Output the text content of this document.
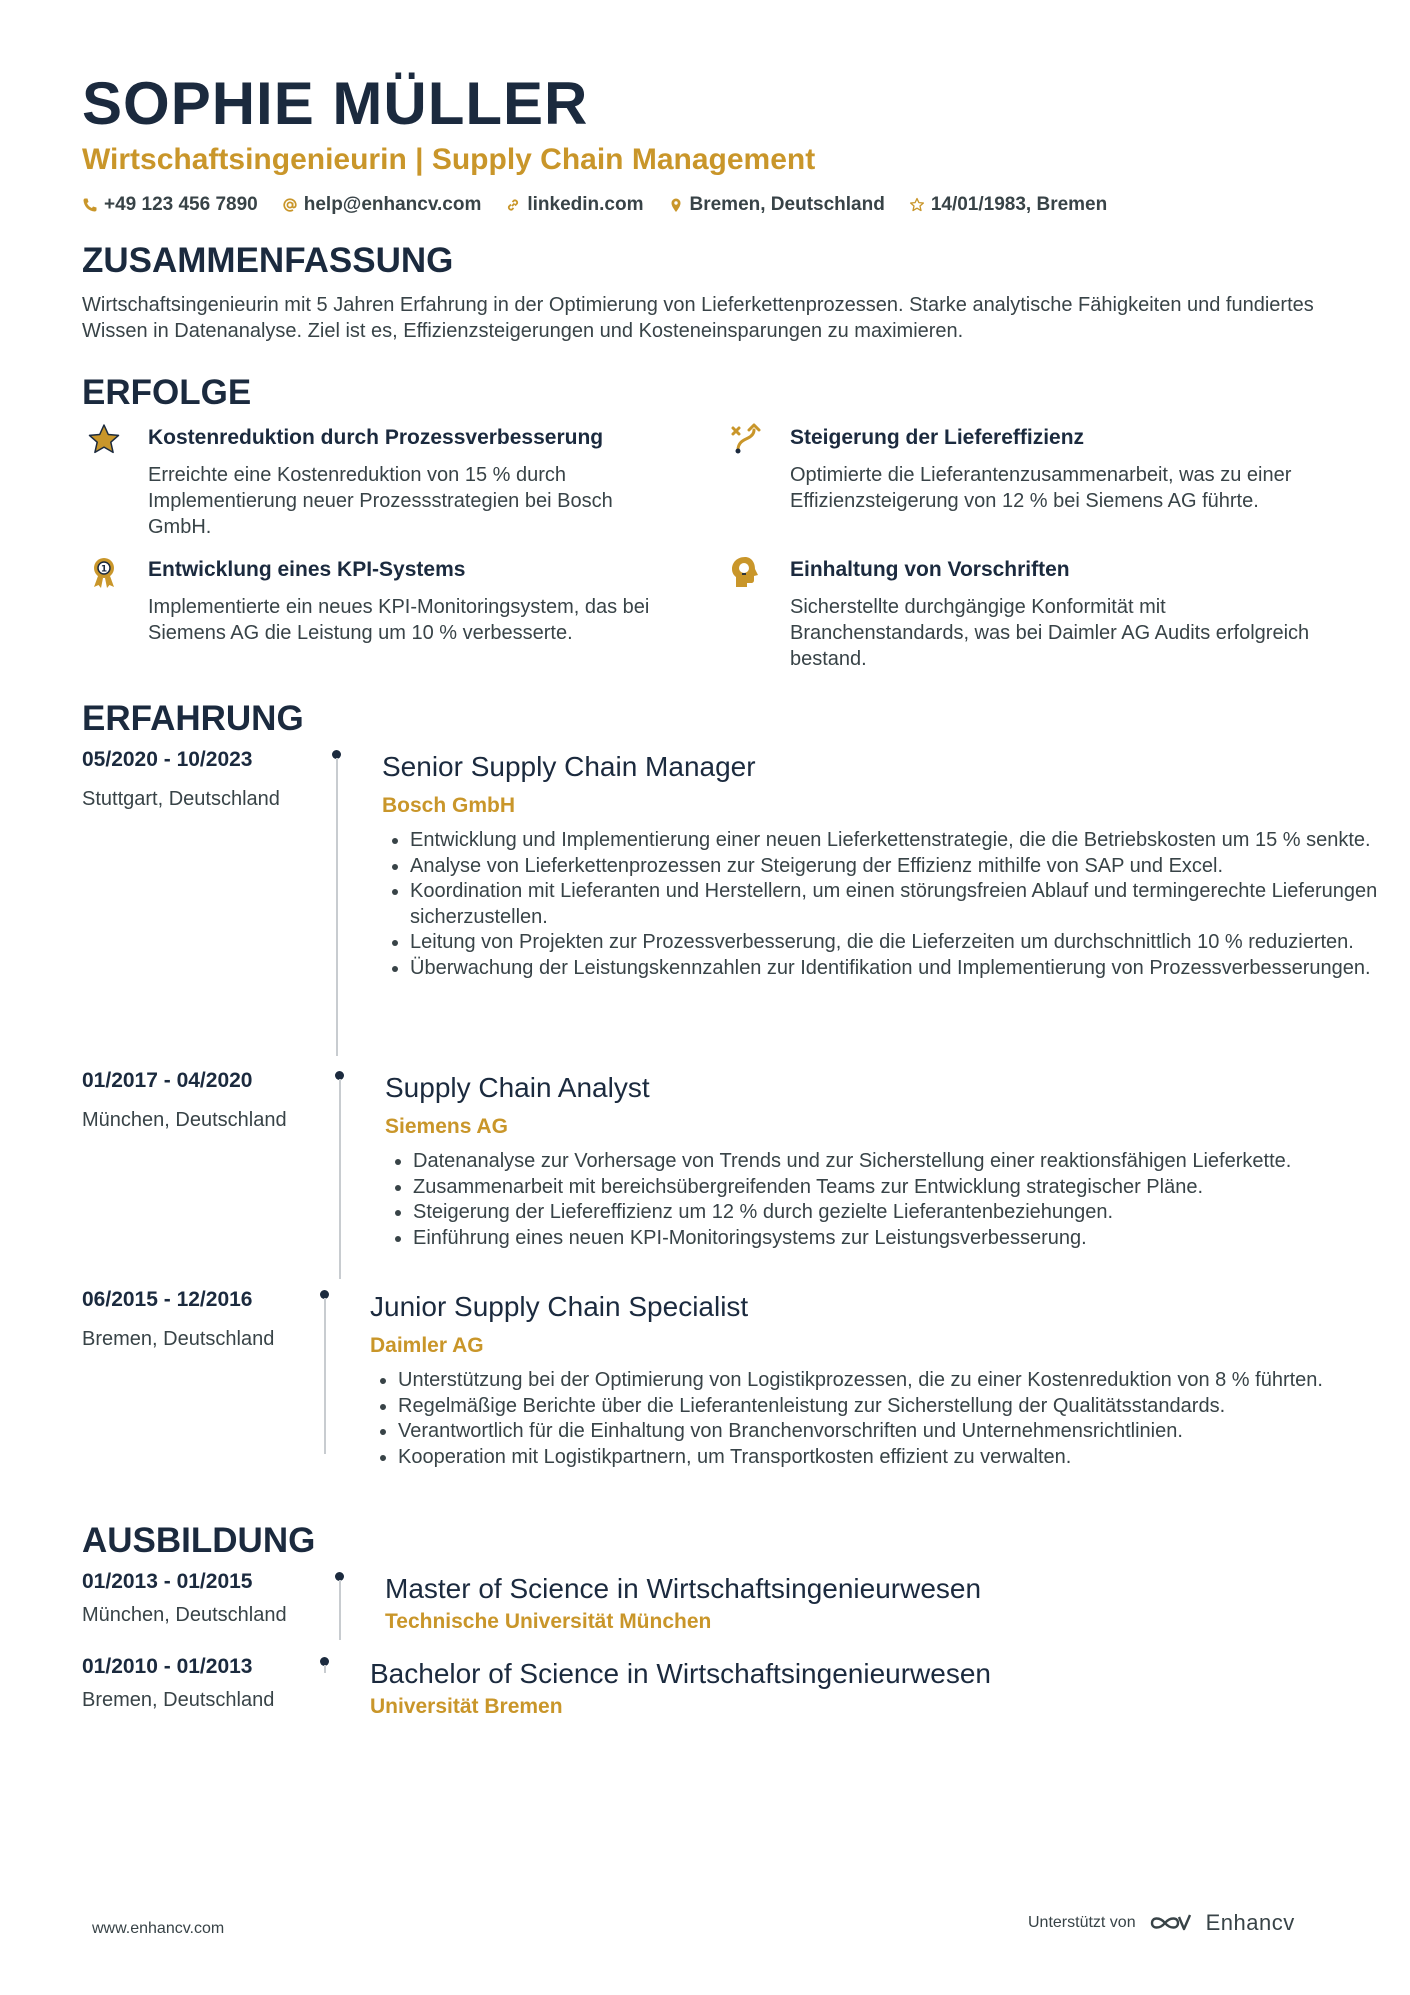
SOPHIE MÜLLER
Wirtschaftsingenieurin | Supply Chain Management
+49 123 456 7890 help@enhancv.com linkedin.com Bremen, Deutschland 14/01/1983, Bremen
ZUSAMMENFASSUNG

Wirtschaftsingenieurin mit 5 Jahren Erfahrung in der Optimierung von Lieferkettenprozessen. Starke analytische Fähigkeiten und fundiertes Wissen in Datenanalyse. Ziel ist es, Effizienzsteigerungen und Kosteneinsparungen zu maximieren.

ERFOLGE
Kostenreduktion durch Prozessverbesserung
Erreichte eine Kostenreduktion von 15 % durch Implementierung neuer Prozessstrategien bei Bosch GmbH.
Steigerung der Liefereffizienz
Optimierte die Lieferantenzusammenarbeit, was zu einer Effizienzsteigerung von 12 % bei Siemens AG führte.
1 Entwicklung eines KPI-Systems
Implementierte ein neues KPI-Monitoringsystem, das bei Siemens AG die Leistung um 10 % verbesserte.
Einhaltung von Vorschriften
Sicherstellte durchgängige Konformität mit Branchenstandards, was bei Daimler AG Audits erfolgreich bestand.
ERFAHRUNG
05/2020 - 10/2023
Stuttgart, Deutschland
Senior Supply Chain Manager
Bosch GmbH
• Entwicklung und Implementierung einer neuen Lieferkettenstrategie, die die Betriebskosten um 15 % senkte.
• Analyse von Lieferkettenprozessen zur Steigerung der Effizienz mithilfe von SAP und Excel.
• Koordination mit Lieferanten und Herstellern, um einen störungsfreien Ablauf und termingerechte Lieferungen sicherzustellen.
• Leitung von Projekten zur Prozessverbesserung, die die Lieferzeiten um durchschnittlich 10 % reduzierten.
• Überwachung der Leistungskennzahlen zur Identifikation und Implementierung von Prozessverbesserungen.
01/2017 - 04/2020
München, Deutschland
Supply Chain Analyst
Siemens AG
• Datenanalyse zur Vorhersage von Trends und zur Sicherstellung einer reaktionsfähigen Lieferkette.
• Zusammenarbeit mit bereichsübergreifenden Teams zur Entwicklung strategischer Pläne.
• Steigerung der Liefereffizienz um 12 % durch gezielte Lieferantenbeziehungen.
• Einführung eines neuen KPI-Monitoringsystems zur Leistungsverbesserung.
06/2015 - 12/2016
Bremen, Deutschland
Junior Supply Chain Specialist
Daimler AG
• Unterstützung bei der Optimierung von Logistikprozessen, die zu einer Kostenreduktion von 8 % führten.
• Regelmäßige Berichte über die Lieferantenleistung zur Sicherstellung der Qualitätsstandards.
• Verantwortlich für die Einhaltung von Branchenvorschriften und Unternehmensrichtlinien.
• Kooperation mit Logistikpartnern, um Transportkosten effizient zu verwalten.
AUSBILDUNG
01/2013 - 01/2015
München, Deutschland
Master of Science in Wirtschaftsingenieurwesen
Technische Universität München
01/2010 - 01/2013
Bremen, Deutschland
Bachelor of Science in Wirtschaftsingenieurwesen
Universität Bremen
www.enhancv.com	Unterstützt von	Enhancv
